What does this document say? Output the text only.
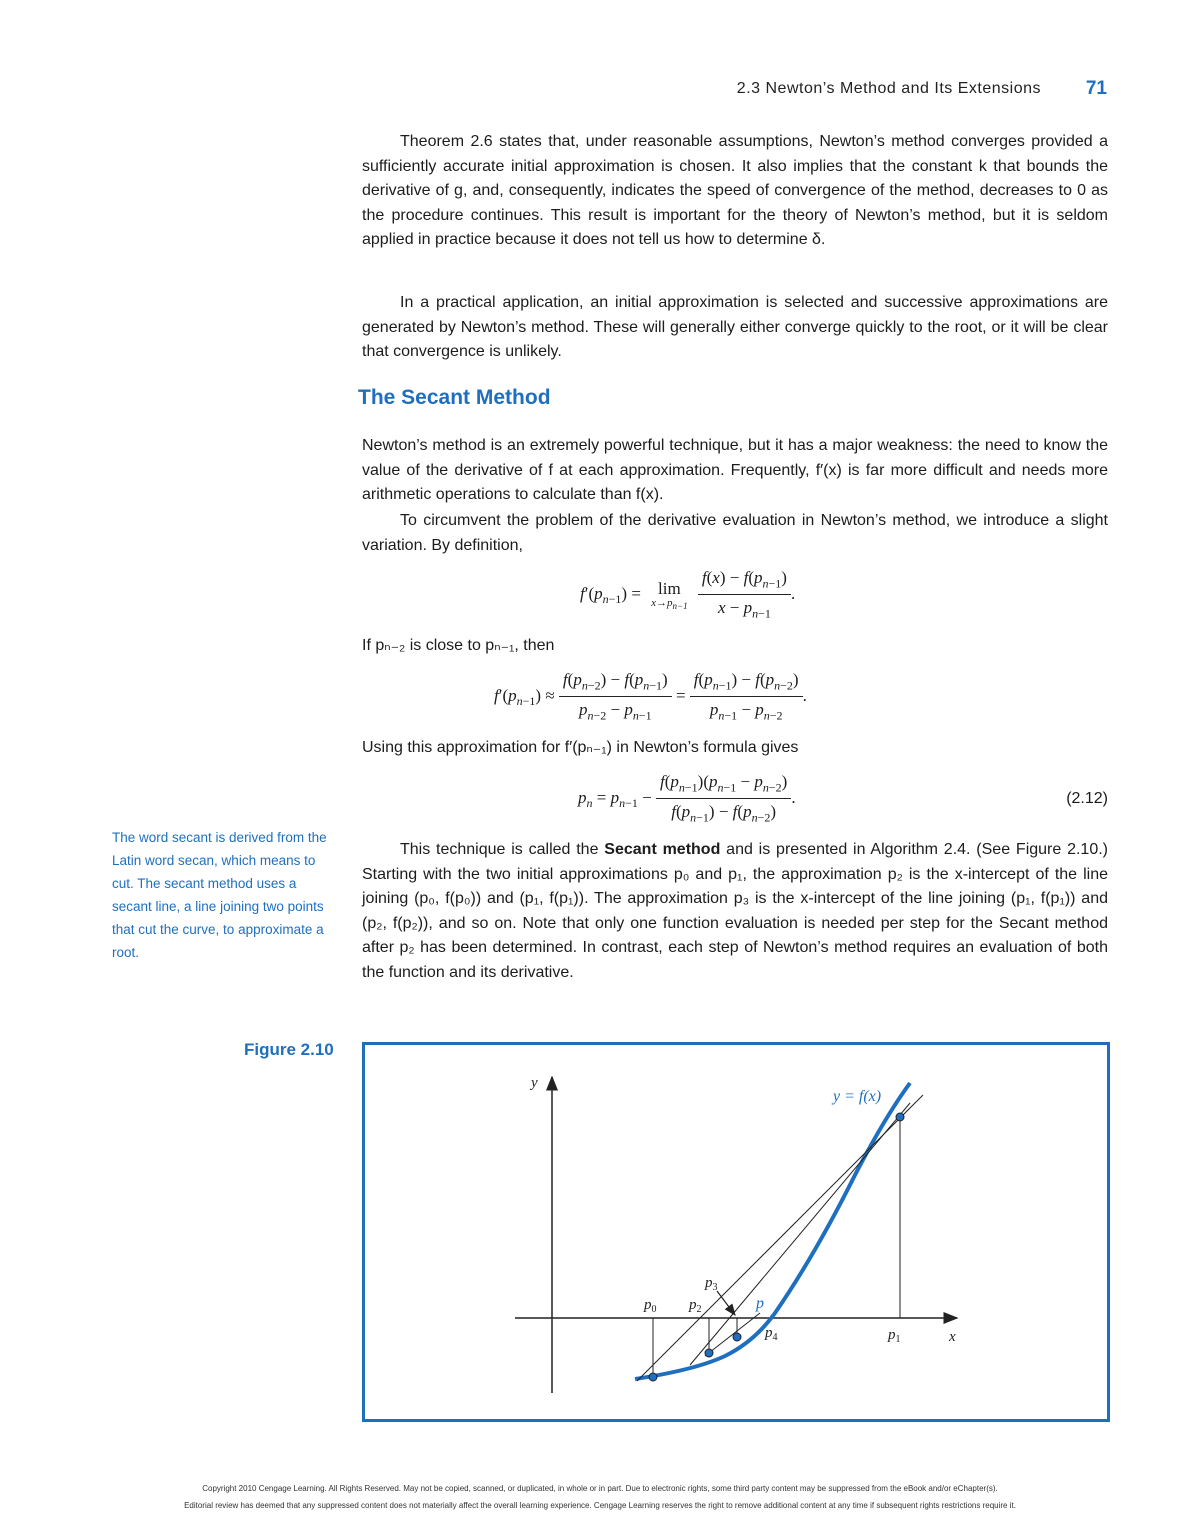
2.3 Newton’s Method and Its Extensions 71

Theorem 2.6 states that, under reasonable assumptions, Newton’s method converges provided a sufficiently accurate initial approximation is chosen. It also implies that the constant k that bounds the derivative of g, and, consequently, indicates the speed of convergence of the method, decreases to 0 as the procedure continues. This result is important for the theory of Newton’s method, but it is seldom applied in practice because it does not tell us how to determine δ.

In a practical application, an initial approximation is selected and successive approximations are generated by Newton’s method. These will generally either converge quickly to the root, or it will be clear that convergence is unlikely.

The Secant Method

Newton’s method is an extremely powerful technique, but it has a major weakness: the need to know the value of the derivative of f at each approximation. Frequently, f′(x) is far more difficult and needs more arithmetic operations to calculate than f(x).

To circumvent the problem of the derivative evaluation in Newton’s method, we introduce a slight variation. By definition,

$f'(p_{n-1}) = \lim$
$x\to p_{n-1}$
$\frac{f(x) - f(p_{n-1})}{x - p_{n-1}}$ .

If pₙ₋₂ is close to pₙ₋₁, then

$f'(p_{n-1}) \approx \frac{f(p_{n-2}) - f(p_{n-1})}{p_{n-2} - p_{n-1}} = \frac{f(p_{n-1}) - f(p_{n-2})}{p_{n-1} - p_{n-2}}$ .

Using this approximation for f′(pₙ₋₁) in Newton’s formula gives

$p_n = p_{n-1} - \frac{f(p_{n-1})(p_{n-1} - p_{n-2})}{f(p_{n-1}) - f(p_{n-2})}$ .	(2.12)
The word secant is derived from the Latin word secan, which means to cut. The secant method uses a secant line, a line joining two points that cut the curve, to approximate a root.

This technique is called the Secant method and is presented in Algorithm 2.4. (See Figure 2.10.) Starting with the two initial approximations p₀ and p₁, the approximation p₂ is the x-intercept of the line joining (p₀, f(p₀)) and (p₁, f(p₁)). The approximation p₃ is the x-intercept of the line joining (p₁, f(p₁)) and (p₂, f(p₂)), and so on. Note that only one function evaluation is needed per step for the Secant method after p₂ has been determined. In contrast, each step of Newton’s method requires an evaluation of both the function and its derivative.

Figure 2.10
y
x
y = f(x)
$p_0$ $p_2$
$p_3$
p
$p_4$	$p_1$
Copyright 2010 Cengage Learning. All Rights Reserved. May not be copied, scanned, or duplicated, in whole or in part. Due to electronic rights, some third party content may be suppressed from the eBook and/or eChapter(s).
Editorial review has deemed that any suppressed content does not materially affect the overall learning experience. Cengage Learning reserves the right to remove additional content at any time if subsequent rights restrictions require it.
